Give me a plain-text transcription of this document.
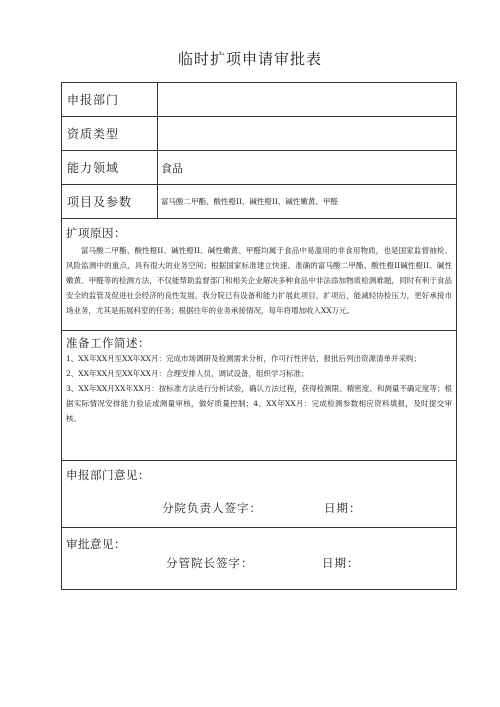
临时扩项申请审批表
申报部门
资质类型
能力领域	食品
项目及参数	富马酸二甲酯、酸性橙II、碱性橙II、碱性嫩黄、甲醛
扩项原因：

富马酸二甲酯、酸性橙II、碱性橙II、碱性嫩黄、甲醛均属于食品中易滥用的非食用物质，也是国家监督抽检、风险监测中的重点，具有很大的业务空间；根据国家标准建立快速、准确的富马酸二甲酯、酸性橙II碱性橙II、碱性嫩黄、甲醛等的检测方法，不仅能帮助监督部门和相关企业解决多种食品中非法添加物质检测难题，同时有利于食品安全的监管及促进社会经济的良性发展。我分院已有设备和能力扩展此项目，扩项后，能减轻协检压力，更好承接市场业务，尤其是拓展科室的任务；根据往年的业务承接情况，每年将增加收入XX万元。

准备工作简述：

1、XX年XX月至XX年XX月：完成市场调研及检测需求分析，作可行性评估，报批后列出资源清单并采购；

2、XX年XX月至XX年XX月：合理安排人员，调试设备，组织学习标准；

3、XX年XX月XX年XX月：按标准方法进行分析试验，确认方法过程，获得检测限、精密度、和测量不确定度等；根据实际情况安排能力验证或测量审核，做好质量控制；4、XX年XX月：完成检测参数相应资料填报，及时提交审核。

申报部门意见：
分院负责人签字：	日期：
审批意见：
分管院长签字：	日期：
